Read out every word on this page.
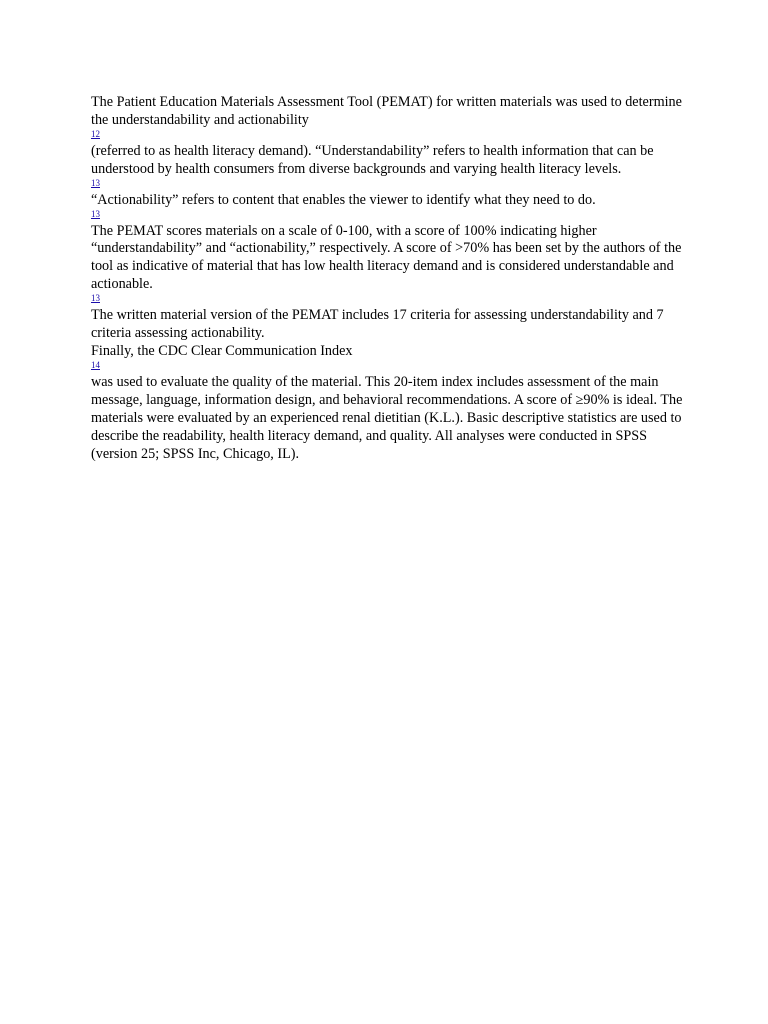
The Patient Education Materials Assessment Tool (PEMAT) for written materials was used to determine the understandability and actionability

12

(referred to as health literacy demand). “Understandability” refers to health information that can be understood by health consumers from diverse backgrounds and varying health literacy levels.

13

“Actionability” refers to content that enables the viewer to identify what they need to do.

13

The PEMAT scores materials on a scale of 0-100, with a score of 100% indicating higher “understandability” and “actionability,” respectively. A score of >70% has been set by the authors of the tool as indicative of material that has low health literacy demand and is considered understandable and actionable.

13

The written material version of the PEMAT includes 17 criteria for assessing understandability and 7 criteria assessing actionability.

Finally, the CDC Clear Communication Index

14

was used to evaluate the quality of the material. This 20-item index includes assessment of the main message, language, information design, and behavioral recommendations. A score of ≥90% is ideal. The materials were evaluated by an experienced renal dietitian (K.L.). Basic descriptive statistics are used to describe the readability, health literacy demand, and quality. All analyses were conducted in SPSS (version 25; SPSS Inc, Chicago, IL).
